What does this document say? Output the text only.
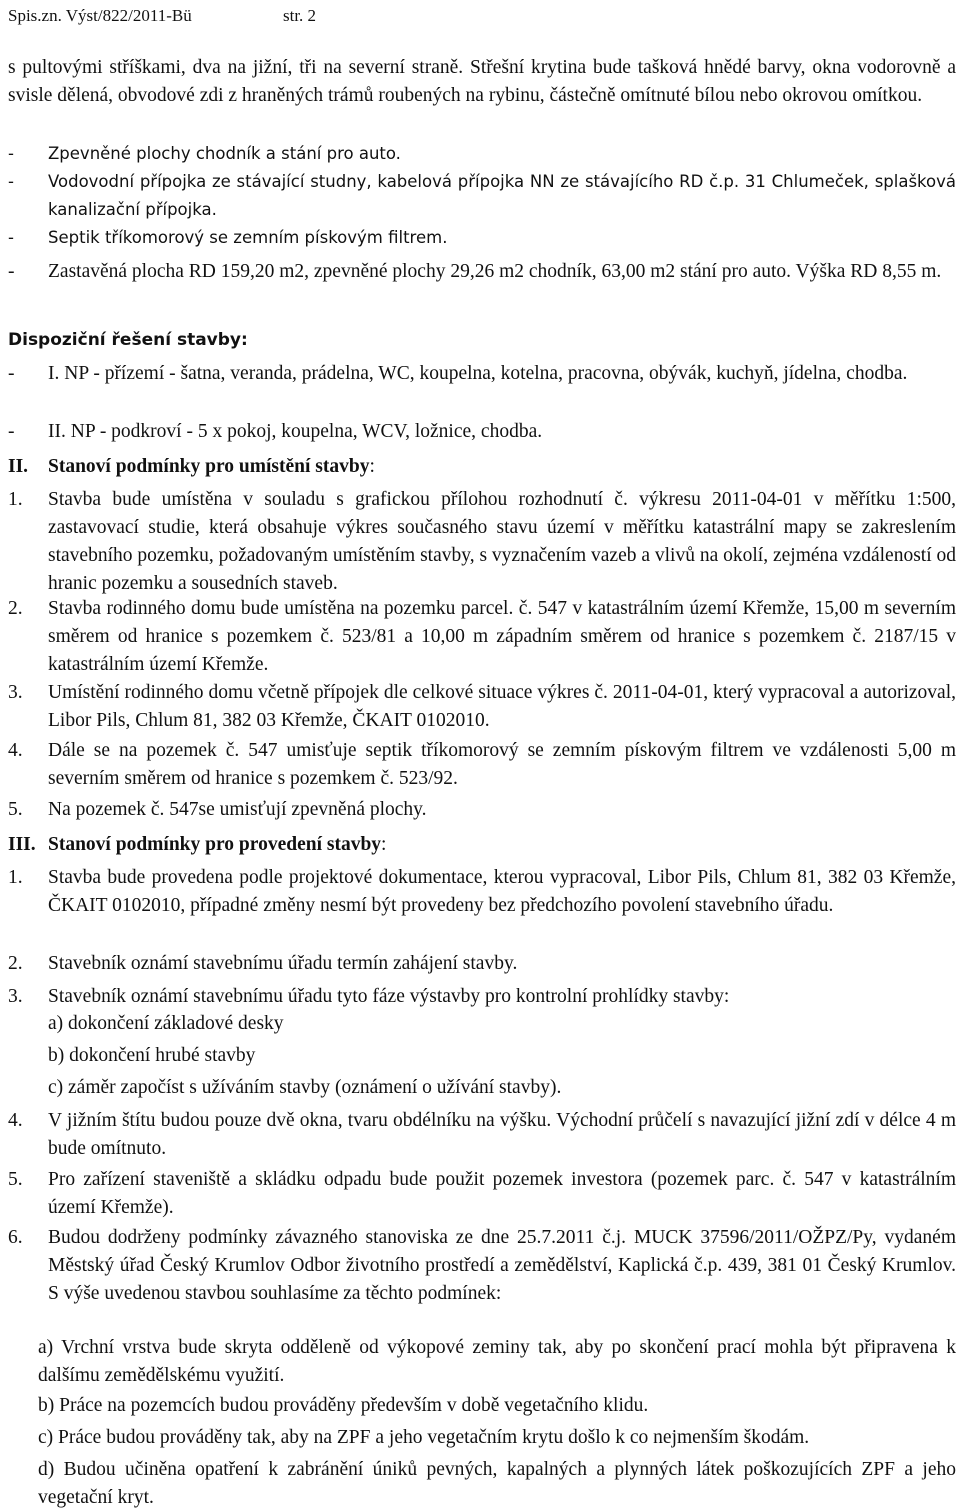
Spis.zn. Výst/822/2011-Bü	str. 2
s pultovými stříškami, dva na jižní, tři na severní straně. Střešní krytina bude tašková hnědé barvy, okna vodorovně a svisle dělená, obvodové zdi z hraněných trámů roubených na rybinu, částečně omítnuté bílou nebo okrovou omítkou.
- Zpevněné plochy chodník a stání pro auto.
- Vodovodní přípojka ze stávající studny, kabelová přípojka NN ze stávajícího RD č.p. 31 Chlumeček, splašková kanalizační přípojka.
- Septik tříkomorový se zemním pískovým filtrem.
- Zastavěná plocha RD 159,20 m2, zpevněné plochy 29,26 m2 chodník, 63,00 m2 stání pro auto. Výška RD 8,55 m.
Dispoziční řešení stavby:
- I. NP - přízemí - šatna, veranda, prádelna, WC, koupelna, kotelna, pracovna, obývák, kuchyň, jídelna, chodba.
- II. NP - podkroví - 5 x pokoj, koupelna, WCV, ložnice, chodba.
II. Stanoví podmínky pro umístění stavby:
1. Stavba bude umístěna v souladu s grafickou přílohou rozhodnutí č. výkresu 2011-04-01 v měřítku 1:500, zastavovací studie, která obsahuje výkres současného stavu území v měřítku katastrální mapy se zakreslením stavebního pozemku, požadovaným umístěním stavby, s vyznačením vazeb a vlivů na okolí, zejména vzdáleností od hranic pozemku a sousedních staveb.
2. Stavba rodinného domu bude umístěna na pozemku parcel. č. 547 v katastrálním území Křemže, 15,00 m severním směrem od hranice s pozemkem č. 523/81 a 10,00 m západním směrem od hranice s pozemkem č. 2187/15 v katastrálním území Křemže.
3. Umístění rodinného domu včetně přípojek dle celkové situace výkres č. 2011-04-01, který vypracoval a autorizoval, Libor Pils, Chlum 81, 382 03 Křemže, ČKAIT 0102010.
4. Dále se na pozemek č. 547 umisťuje septik tříkomorový se zemním pískovým filtrem ve vzdálenosti 5,00 m severním směrem od hranice s pozemkem č. 523/92.
5. Na pozemek č. 547se umisťují zpevněná plochy.
III. Stanoví podmínky pro provedení stavby:
1. Stavba bude provedena podle projektové dokumentace, kterou vypracoval, Libor Pils, Chlum 81, 382 03 Křemže, ČKAIT 0102010, případné změny nesmí být provedeny bez předchozího povolení stavebního úřadu.
2. Stavebník oznámí stavebnímu úřadu termín zahájení stavby.
3. Stavebník oznámí stavebnímu úřadu tyto fáze výstavby pro kontrolní prohlídky stavby:
a) dokončení základové desky
b) dokončení hrubé stavby
c) záměr započíst s užíváním stavby (oznámení o užívání stavby).
4. V jižním štítu budou pouze dvě okna, tvaru obdélníku na výšku. Východní průčelí s navazující jižní zdí v délce 4 m bude omítnuto.
5. Pro zařízení staveniště a skládku odpadu bude použit pozemek investora (pozemek parc. č. 547 v katastrálním území Křemže).
6. Budou dodrženy podmínky závazného stanoviska ze dne 25.7.2011 č.j. MUCK 37596/2011/OŽPZ/Py, vydaném Městský úřad Český Krumlov Odbor životního prostředí a zemědělství, Kaplická č.p. 439, 381 01 Český Krumlov. S výše uvedenou stavbou souhlasíme za těchto podmínek:
a) Vrchní vrstva bude skryta odděleně od výkopové zeminy tak, aby po skončení prací mohla být připravena k dalšímu zemědělskému využití.
b) Práce na pozemcích budou prováděny především v době vegetačního klidu.
c) Práce budou prováděny tak, aby na ZPF a jeho vegetačním krytu došlo k co nejmenším škodám.
d) Budou učiněna opatření k zabránění úniků pevných, kapalných a plynných látek poškozujících ZPF a jeho vegetační kryt.
